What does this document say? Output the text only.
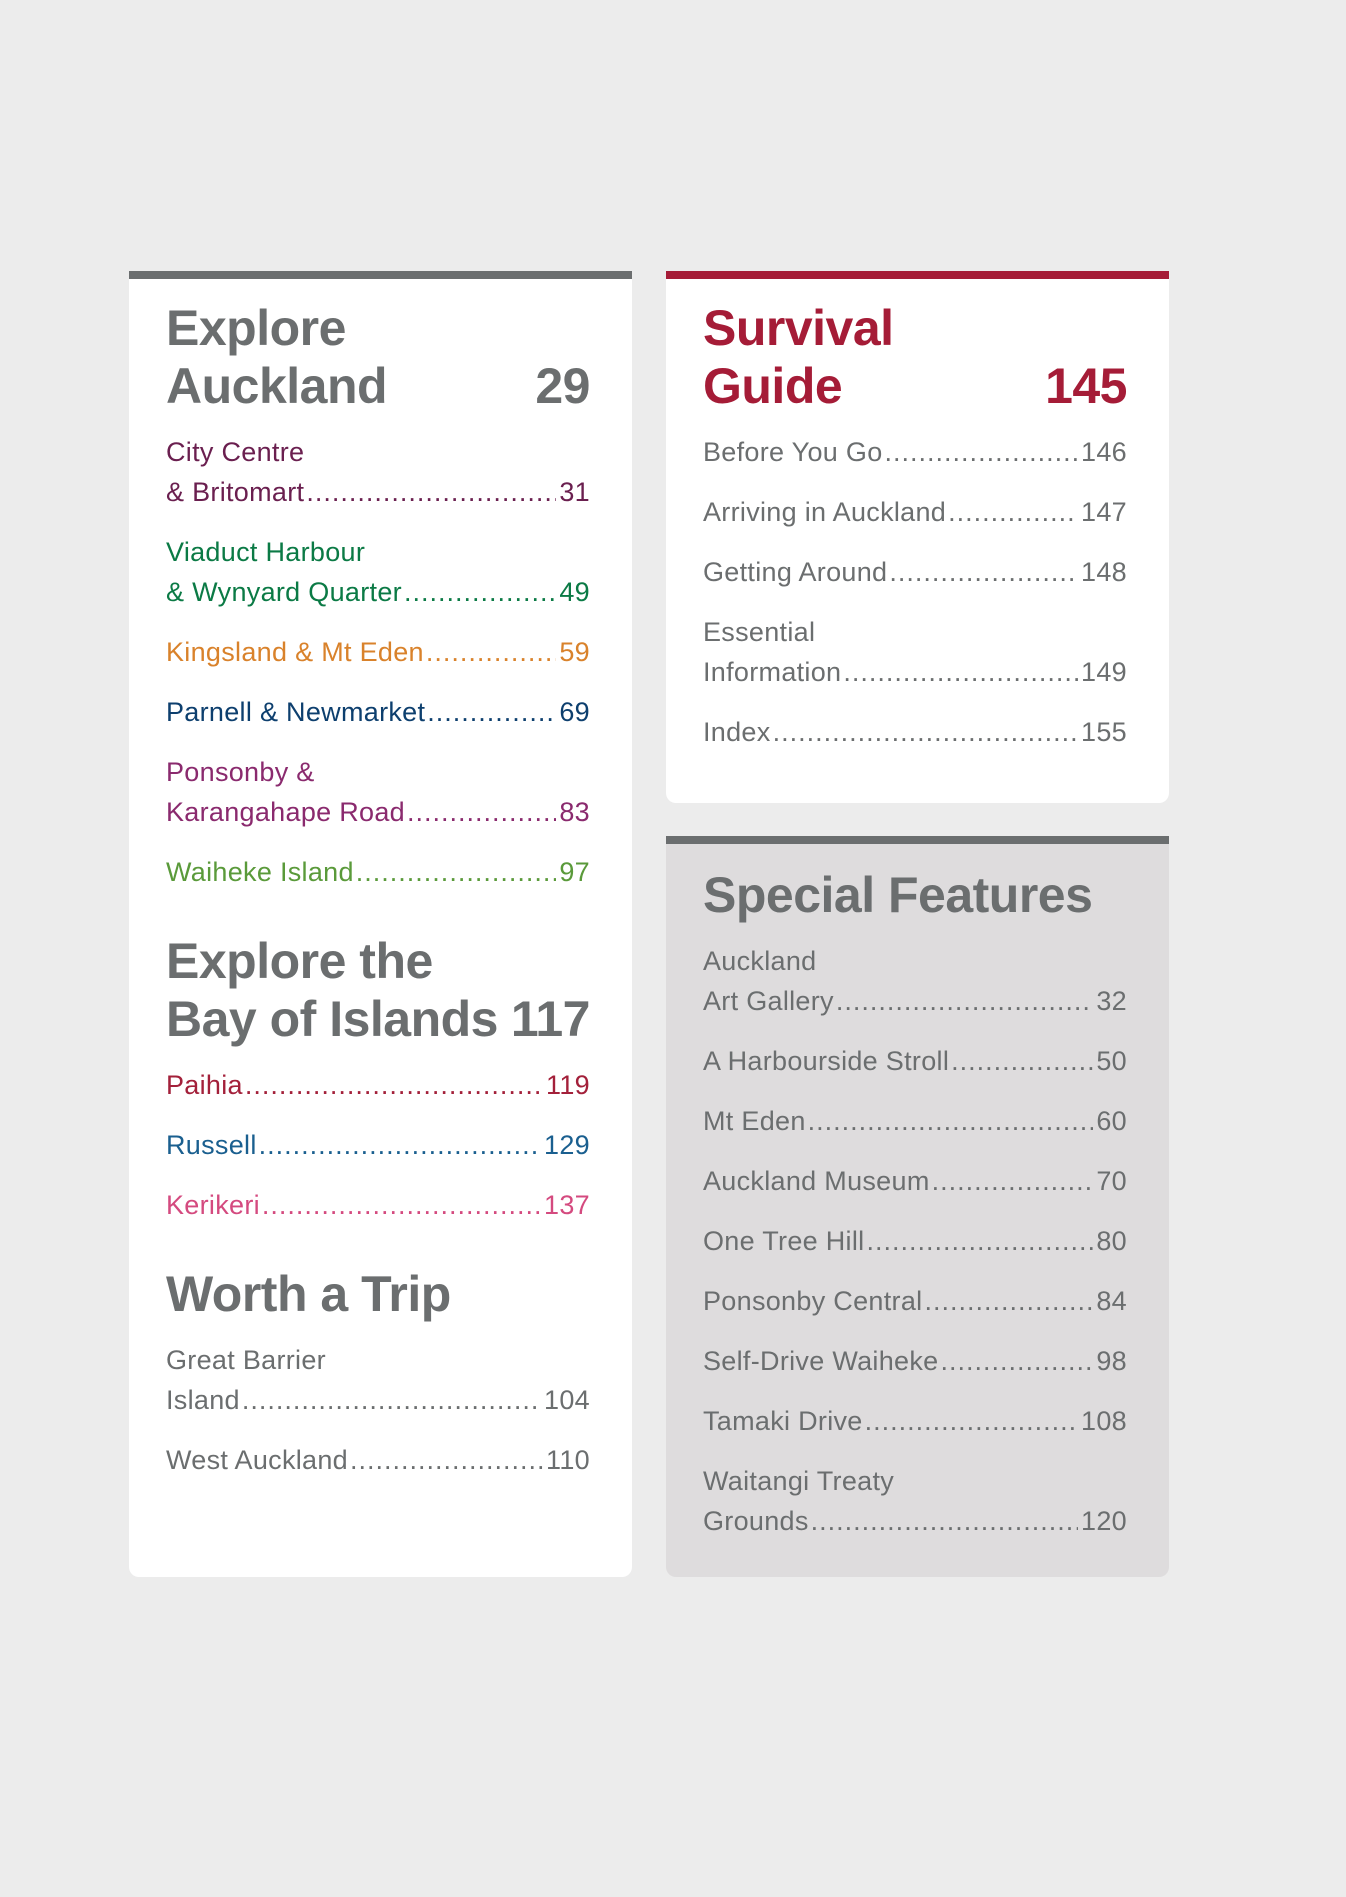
Explore
Auckland	29
City Centre
& Britomart .....	31
Viaduct Harbour
& Wynyard Quarter .....	49
Kingsland & Mt Eden .....	59
Parnell & Newmarket .....	69
Ponsonby &
Karangahape Road .....	83
Waiheke Island .....	97
Explore the
Bay of Islands 117
Paihia .....	119
Russell .....	129
Kerikeri .....	137
Worth a Trip
Great Barrier
Island .....	104
West Auckland .....	110
Survival
Guide	145
Before You Go .....	146
Arriving in Auckland .....	147
Getting Around .....	148
Essential
Information .....	149
Index .....	155
Special Features
Auckland
Art Gallery .....	32
A Harbourside Stroll .....	50
Mt Eden .....	60
Auckland Museum .....	70
One Tree Hill .....	80
Ponsonby Central .....	84
Self-Drive Waiheke .....	98
Tamaki Drive .....	108
Waitangi Treaty
Grounds .....	120
